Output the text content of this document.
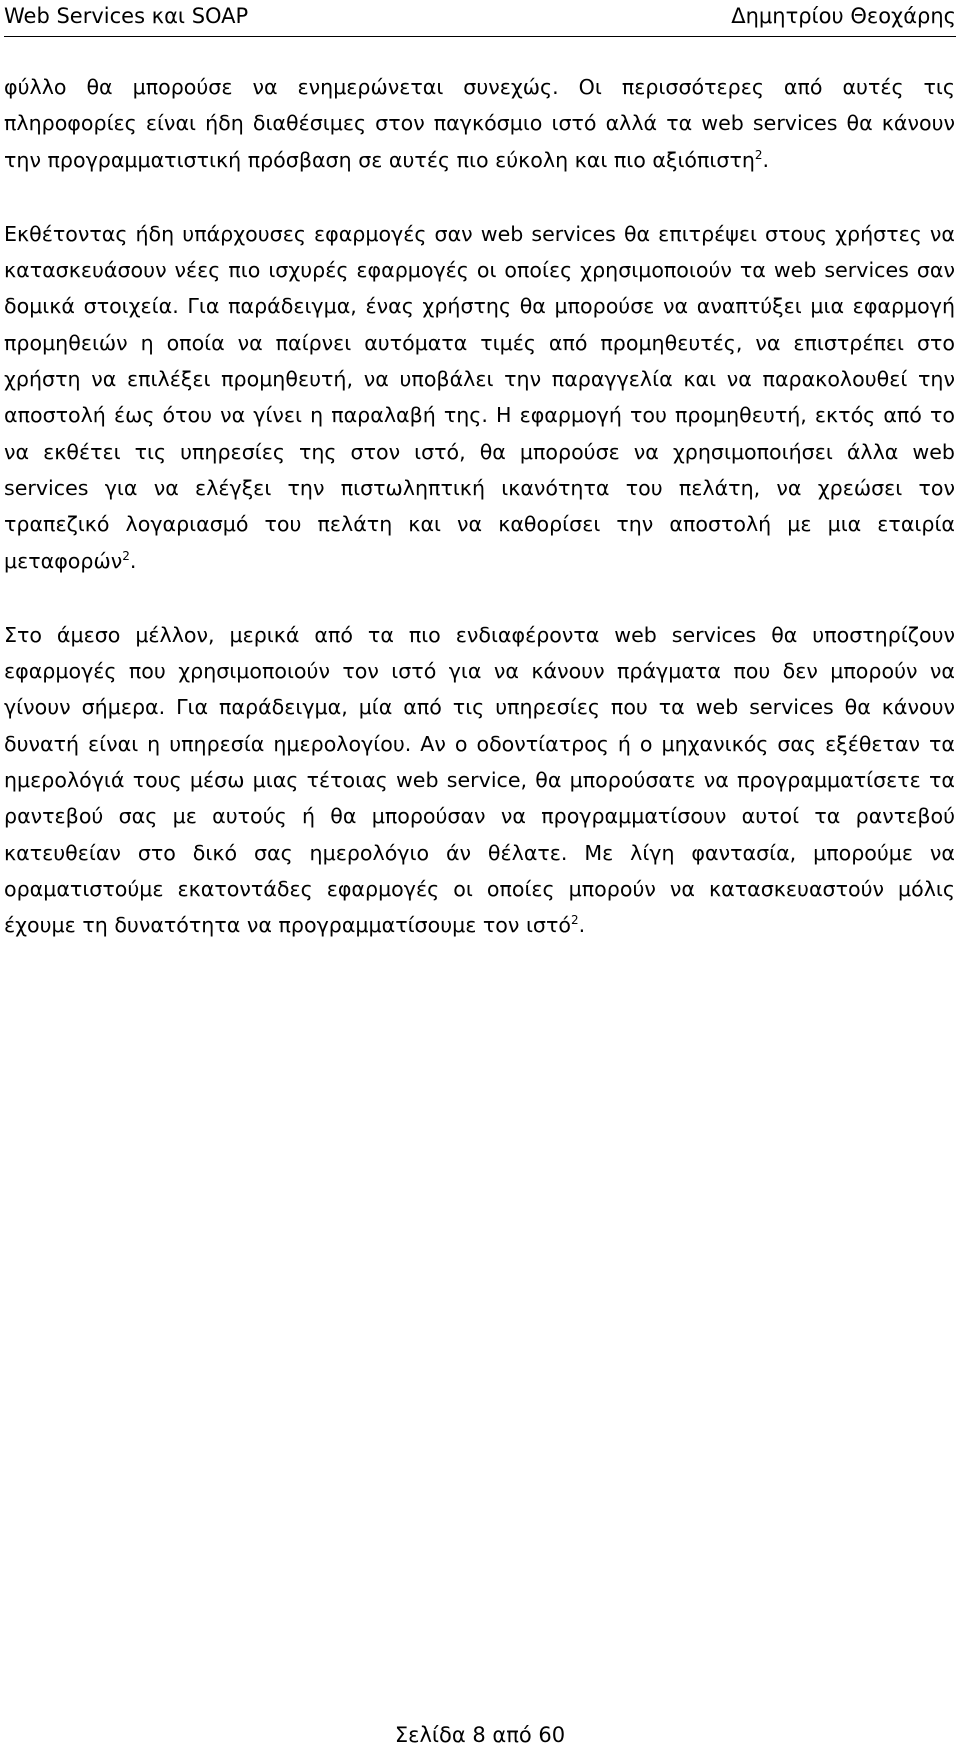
Web Services και SOAP	Δημητρίου Θεοχάρης

φύλλο θα μπορούσε να ενημερώνεται συνεχώς. Οι περισσότερες από αυτές τις πληροφορίες είναι ήδη διαθέσιμες στον παγκόσμιο ιστό αλλά τα web services θα κάνουν την προγραμματιστική πρόσβαση σε αυτές πιο εύκολη και πιο αξιόπιστη$^2$.

Εκθέτοντας ήδη υπάρχουσες εφαρμογές σαν web services θα επιτρέψει στους χρήστες να κατασκευάσουν νέες πιο ισχυρές εφαρμογές οι οποίες χρησιμοποιούν τα web services σαν δομικά στοιχεία. Για παράδειγμα, ένας χρήστης θα μπορούσε να αναπτύξει μια εφαρμογή προμηθειών η οποία να παίρνει αυτόματα τιμές από προμηθευτές, να επιστρέπει στο χρήστη να επιλέξει προμηθευτή, να υποβάλει την παραγγελία και να παρακολουθεί την αποστολή έως ότου να γίνει η παραλαβή της. Η εφαρμογή του προμηθευτή, εκτός από το να εκθέτει τις υπηρεσίες της στον ιστό, θα μπορούσε να χρησιμοποιήσει άλλα web services για να ελέγξει την πιστωληπτική ικανότητα του πελάτη, να χρεώσει τον τραπεζικό λογαριασμό του πελάτη και να καθορίσει την αποστολή με μια εταιρία μεταφορών$^2$.

Στο άμεσο μέλλον, μερικά από τα πιο ενδιαφέροντα web services θα υποστηρίζουν εφαρμογές που χρησιμοποιούν τον ιστό για να κάνουν πράγματα που δεν μπορούν να γίνουν σήμερα. Για παράδειγμα, μία από τις υπηρεσίες που τα web services θα κάνουν δυνατή είναι η υπηρεσία ημερολογίου. Αν ο οδοντίατρος ή ο μηχανικός σας εξέθεταν τα ημερολόγιά τους μέσω μιας τέτοιας web service, θα μπορούσατε να προγραμματίσετε τα ραντεβού σας με αυτούς ή θα μπορούσαν να προγραμματίσουν αυτοί τα ραντεβού κατευθείαν στο δικό σας ημερολόγιο άν θέλατε. Με λίγη φαντασία, μπορούμε να οραματιστούμε εκατοντάδες εφαρμογές οι οποίες μπορούν να κατασκευαστούν μόλις έχουμε τη δυνατότητα να προγραμματίσουμε τον ιστό$^2$.

Σελίδα 8 από 60
